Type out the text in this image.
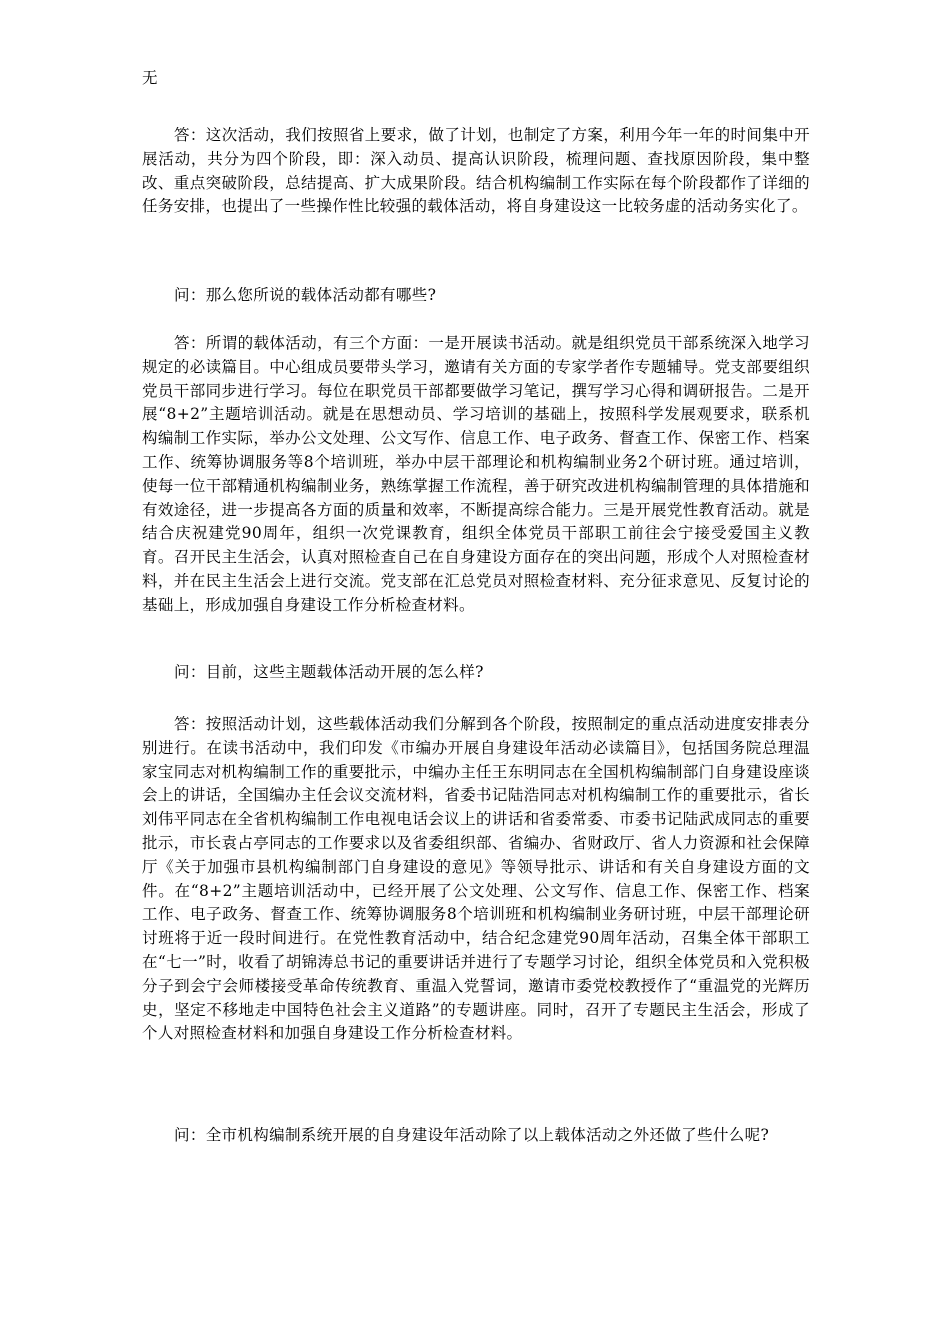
无

答：这次活动，我们按照省上要求，做了计划，也制定了方案，利用今年一年的时间集中开展活动，共分为四个阶段，即：深入动员、提高认识阶段，梳理问题、查找原因阶段，集中整改、重点突破阶段，总结提高、扩大成果阶段。结合机构编制工作实际在每个阶段都作了详细的任务安排，也提出了一些操作性比较强的载体活动，将自身建设这一比较务虚的活动务实化了。

问：那么您所说的载体活动都有哪些?

答：所谓的载体活动，有三个方面：一是开展读书活动。就是组织党员干部系统深入地学习规定的必读篇目。中心组成员要带头学习，邀请有关方面的专家学者作专题辅导。党支部要组织党员干部同步进行学习。每位在职党员干部都要做学习笔记，撰写学习心得和调研报告。二是开展“8+2”主题培训活动。就是在思想动员、学习培训的基础上，按照科学发展观要求，联系机构编制工作实际，举办公文处理、公文写作、信息工作、电子政务、督查工作、保密工作、档案工作、统筹协调服务等8个培训班，举办中层干部理论和机构编制业务2个研讨班。通过培训，使每一位干部精通机构编制业务，熟练掌握工作流程，善于研究改进机构编制管理的具体措施和有效途径，进一步提高各方面的质量和效率，不断提高综合能力。三是开展党性教育活动。就是结合庆祝建党90周年，组织一次党课教育，组织全体党员干部职工前往会宁接受爱国主义教育。召开民主生活会，认真对照检查自己在自身建设方面存在的突出问题，形成个人对照检查材料，并在民主生活会上进行交流。党支部在汇总党员对照检查材料、充分征求意见、反复讨论的基础上，形成加强自身建设工作分析检查材料。

问：目前，这些主题载体活动开展的怎么样?

答：按照活动计划，这些载体活动我们分解到各个阶段，按照制定的重点活动进度安排表分别进行。在读书活动中，我们印发《市编办开展自身建设年活动必读篇目》，包括国务院总理温家宝同志对机构编制工作的重要批示，中编办主任王东明同志在全国机构编制部门自身建设座谈会上的讲话，全国编办主任会议交流材料，省委书记陆浩同志对机构编制工作的重要批示，省长刘伟平同志在全省机构编制工作电视电话会议上的讲话和省委常委、市委书记陆武成同志的重要批示，市长袁占亭同志的工作要求以及省委组织部、省编办、省财政厅、省人力资源和社会保障厅《关于加强市县机构编制部门自身建设的意见》等领导批示、讲话和有关自身建设方面的文件。在“8+2”主题培训活动中，已经开展了公文处理、公文写作、信息工作、保密工作、档案工作、电子政务、督查工作、统筹协调服务8个培训班和机构编制业务研讨班，中层干部理论研讨班将于近一段时间进行。在党性教育活动中，结合纪念建党90周年活动，召集全体干部职工在“七一”时，收看了胡锦涛总书记的重要讲话并进行了专题学习讨论，组织全体党员和入党积极分子到会宁会师楼接受革命传统教育、重温入党誓词，邀请市委党校教授作了“重温党的光辉历史，坚定不移地走中国特色社会主义道路”的专题讲座。同时，召开了专题民主生活会，形成了个人对照检查材料和加强自身建设工作分析检查材料。

问：全市机构编制系统开展的自身建设年活动除了以上载体活动之外还做了些什么呢?
